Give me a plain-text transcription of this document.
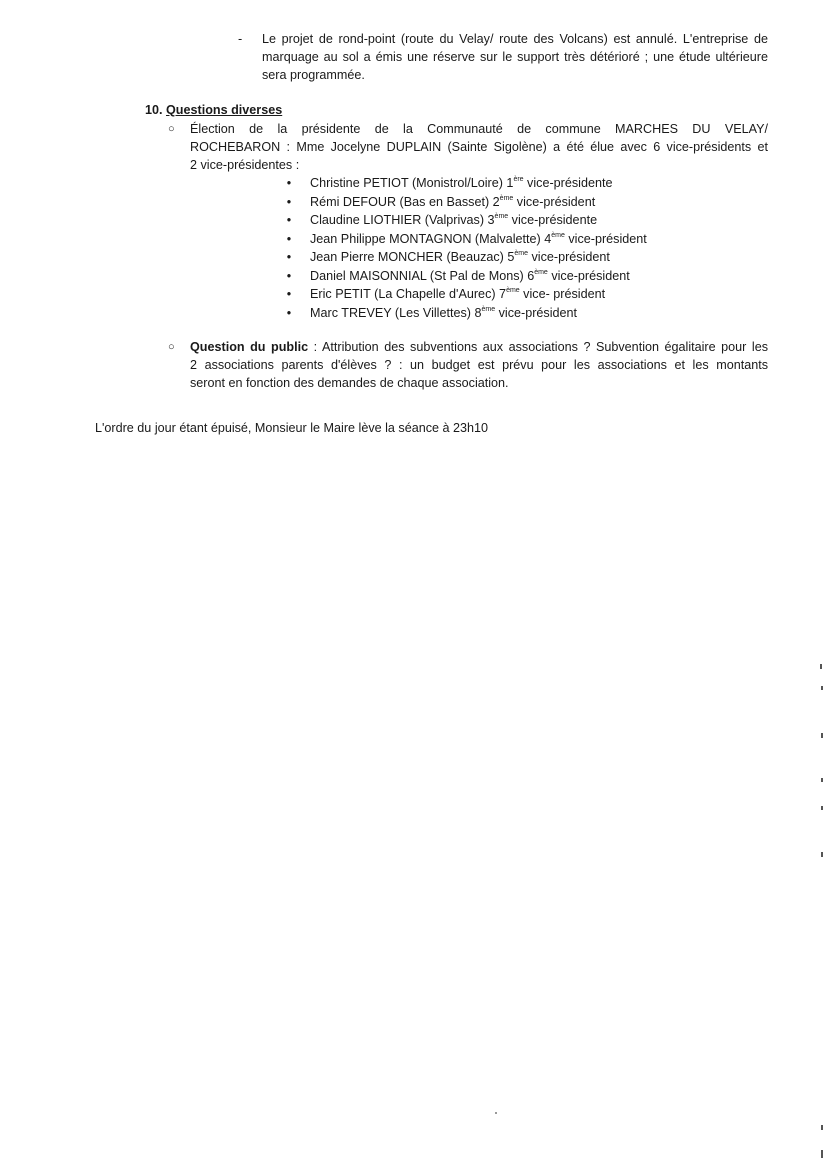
- Le projet de rond-point (route du Velay/ route des Volcans) est annulé. L'entreprise de
marquage au sol a émis une réserve sur le support très détérioré ; une étude ultérieure
sera programmée.
10. Questions diverses
○ Élection de la présidente de la Communauté de commune MARCHES DU VELAY/
ROCHEBARON : Mme Jocelyne DUPLAIN (Sainte Sigolène) a été élue avec 6 vice-présidents et
2 vice-présidentes :
• Christine PETIOT (Monistrol/Loire) 1ère vice-présidente
• Rémi DEFOUR (Bas en Basset) 2ème vice-président
• Claudine LIOTHIER (Valprivas) 3ème vice-présidente
• Jean Philippe MONTAGNON (Malvalette) 4ème vice-président
• Jean Pierre MONCHER (Beauzac) 5ème vice-président
• Daniel MAISONNIAL (St Pal de Mons) 6ème vice-président
• Eric PETIT (La Chapelle d'Aurec) 7ème vice- président
• Marc TREVEY (Les Villettes) 8ème vice-président
○ Question du public : Attribution des subventions aux associations ? Subvention égalitaire pour les
2 associations parents d'élèves ? : un budget est prévu pour les associations et les montants
seront en fonction des demandes de chaque association.
L'ordre du jour étant épuisé, Monsieur le Maire lève la séance à 23h10
